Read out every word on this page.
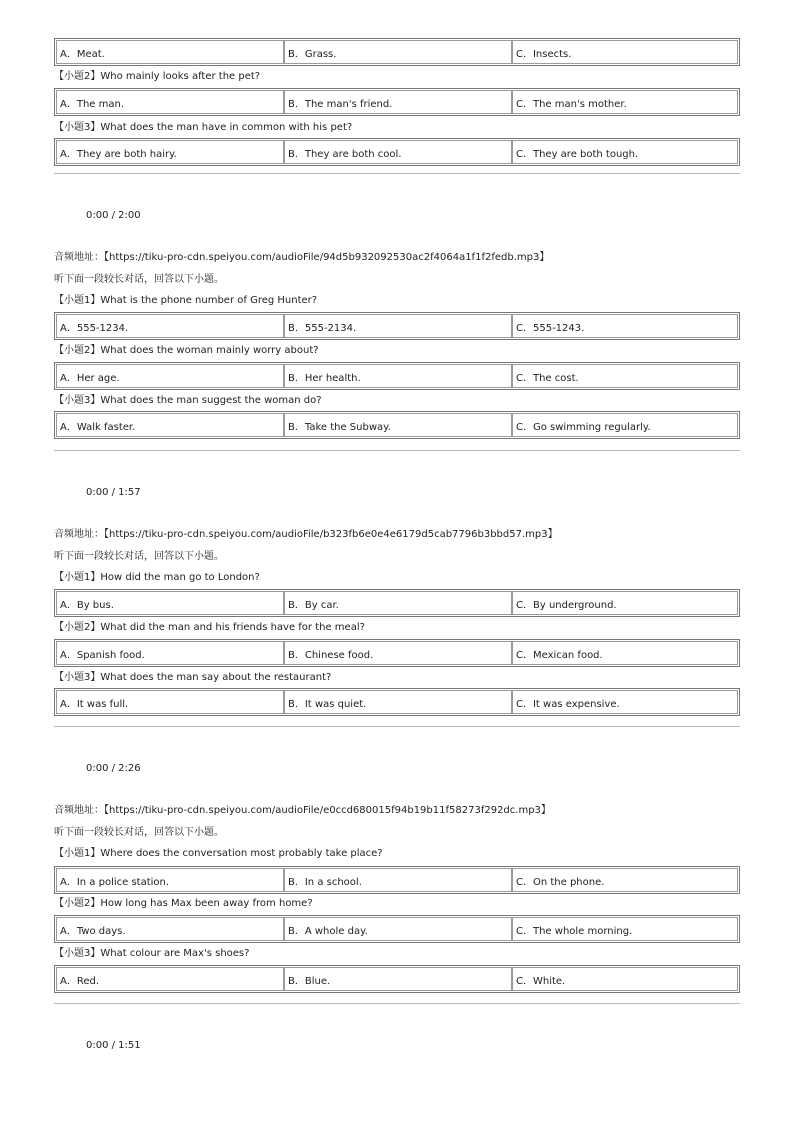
A．Meat.	B．Grass.	C．Insects.
【小题2】Who mainly looks after the pet?
A．The man.	B．The man's friend.	C．The man's mother.
【小题3】What does the man have in common with his pet?
A．They are both hairy.	B．They are both cool.	C．They are both tough.
0:00 / 2:00
音频地址：【https://tiku-pro-cdn.speiyou.com/audioFile/94d5b932092530ac2f4064a1f1f2fedb.mp3】
听下面一段较长对话，回答以下小题。
【小题1】What is the phone number of Greg Hunter?
A．555-1234.	B．555-2134.	C．555-1243.
【小题2】What does the woman mainly worry about?
A．Her age.	B．Her health.	C．The cost.
【小题3】What does the man suggest the woman do?
A．Walk faster.	B．Take the Subway.	C．Go swimming regularly.
0:00 / 1:57
音频地址：【https://tiku-pro-cdn.speiyou.com/audioFile/b323fb6e0e4e6179d5cab7796b3bbd57.mp3】
听下面一段较长对话，回答以下小题。
【小题1】How did the man go to London?
A．By bus.	B．By car.	C．By underground.
【小题2】What did the man and his friends have for the meal?
A．Spanish food.	B．Chinese food.	C．Mexican food.
【小题3】What does the man say about the restaurant?
A．It was full.	B．It was quiet.	C．It was expensive.
0:00 / 2:26
音频地址：【https://tiku-pro-cdn.speiyou.com/audioFile/e0ccd680015f94b19b11f58273f292dc.mp3】
听下面一段较长对话，回答以下小题。
【小题1】Where does the conversation most probably take place?
A．In a police station.	B．In a school.	C．On the phone.
【小题2】How long has Max been away from home?
A．Two days.	B．A whole day.	C．The whole morning.
【小题3】What colour are Max's shoes?
A．Red.	B．Blue.	C．White.
0:00 / 1:51
